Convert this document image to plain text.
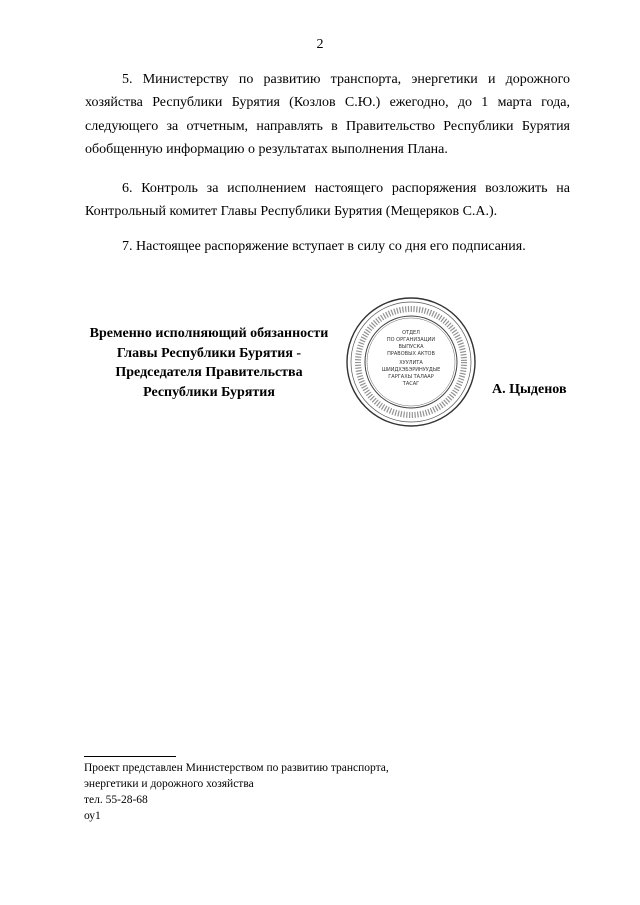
2
5. Министерству по развитию транспорта, энергетики и дорожного
хозяйства Республики Бурятия (Козлов С.Ю.) ежегодно, до 1 марта года,
следующего за отчетным, направлять в Правительство Республики Бурятия
обобщенную информацию о результатах выполнения Плана.
6. Контроль за исполнением настоящего распоряжения возложить на
Контрольный комитет Главы Республики Бурятия (Мещеряков С.А.).
7. Настоящее распоряжение вступает в силу со дня его подписания.
Временно исполняющий обязанности
Главы Республики Бурятия -
Председателя Правительства
Республики Бурятия
ОТДЕЛ
ПО ОРГАНИЗАЦИИ
ВЫПУСКА
ПРАВОВЫХ АКТОВ
ХУУЛИТА
ШИИДХЭБЭРИНУУДЫЕ
ГАРГАХЫ ТАЛААР
ТАСАГ	А. Цыденов
Проект представлен Министерством по развитию транспорта,
энергетики и дорожного хозяйства
тел. 55-28-68
оу1
